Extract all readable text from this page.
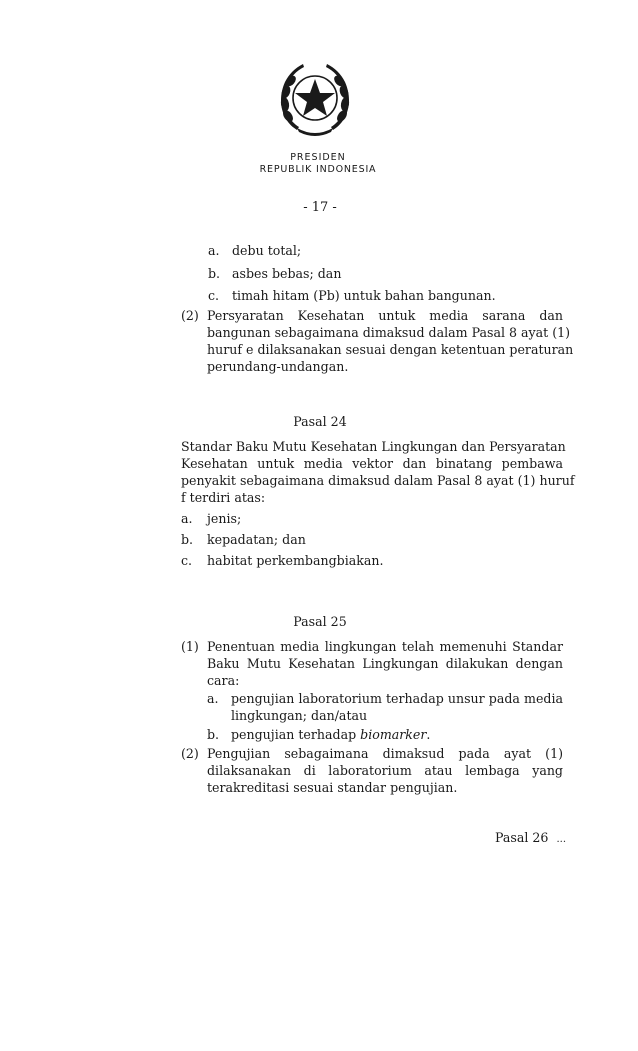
PRESIDEN
REPUBLIK INDONESIA
- 17 -
a. debu total;
b. asbes bebas; dan
c. timah hitam (Pb) untuk bahan bangunan.
(2) Persyaratan Kesehatan untuk media sarana dan
bangunan sebagaimana dimaksud dalam Pasal 8 ayat (1)
huruf e dilaksanakan sesuai dengan ketentuan peraturan
perundang-undangan.
Pasal 24
Standar Baku Mutu Kesehatan Lingkungan dan Persyaratan
Kesehatan untuk media vektor dan binatang pembawa
penyakit sebagaimana dimaksud dalam Pasal 8 ayat (1) huruf
f terdiri atas:
a. jenis;
b. kepadatan; dan
c. habitat perkembangbiakan.
Pasal 25
(1) Penentuan media lingkungan telah memenuhi Standar
Baku Mutu Kesehatan Lingkungan dilakukan dengan
cara:
a. pengujian laboratorium terhadap unsur pada media
lingkungan; dan/atau
b. pengujian terhadap biomarker.
(2) Pengujian sebagaimana dimaksud pada ayat (1)
dilaksanakan di laboratorium atau lembaga yang
terakreditasi sesuai standar pengujian.
Pasal 26 ...
